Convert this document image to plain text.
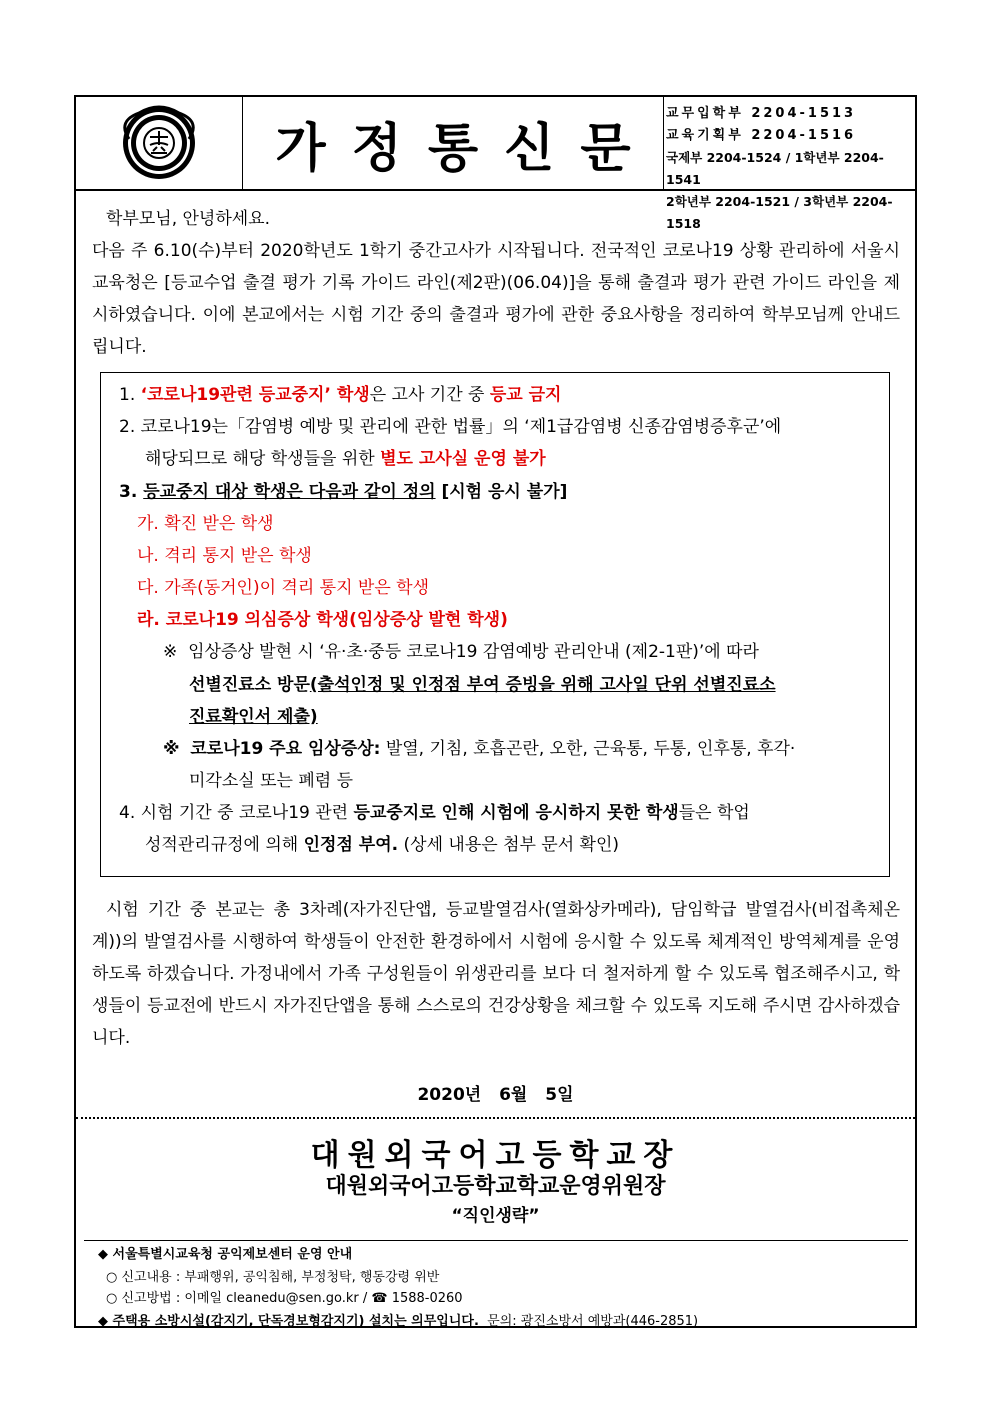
가정통신문
교무입학부 2204-1513
교육기획부 2204-1516
국제부 2204-1524 / 1학년부 2204-1541
2학년부 2204-1521 / 3학년부 2204-1518
학부모님, 안녕하세요.
다음 주 6.10(수)부터 2020학년도 1학기 중간고사가 시작됩니다. 전국적인 코로나19 상황 관리하에 서울시교육청은 [등교수업 출결 평가 기록 가이드 라인(제2판)(06.04)]을 통해 출결과 평가 관련 가이드 라인을 제시하였습니다. 이에 본교에서는 시험 기간 중의 출결과 평가에 관한 중요사항을 정리하여 학부모님께 안내드립니다.
1. ‘코로나19관련 등교중지’ 학생은 고사 기간 중 등교 금지
2. 코로나19는「감염병 예방 및 관리에 관한 법률」의 ‘제1급감염병 신종감염병증후군’에
해당되므로 해당 학생들을 위한 별도 고사실 운영 불가
3. 등교중지 대상 학생은 다음과 같이 정의 [시험 응시 불가]
가. 확진 받은 학생
나. 격리 통지 받은 학생
다. 가족(동거인)이 격리 통지 받은 학생
라. 코로나19 의심증상 학생(임상증상 발현 학생)
※ 임상증상 발현 시 ‘유·초·중등 코로나19 감염예방 관리안내 (제2-1판)’에 따라
선별진료소 방문(출석인정 및 인정점 부여 증빙을 위해 고사일 단위 선별진료소
진료확인서 제출)
※ 코로나19 주요 임상증상: 발열, 기침, 호흡곤란, 오한, 근육통, 두통, 인후통, 후각·
미각소실 또는 폐렴 등
4. 시험 기간 중 코로나19 관련 등교중지로 인해 시험에 응시하지 못한 학생들은 학업
성적관리규정에 의해 인정점 부여. (상세 내용은 첨부 문서 확인)
시험 기간 중 본교는 총 3차례(자가진단앱, 등교발열검사(열화상카메라), 담임학급 발열검사(비접촉체온계))의 발열검사를 시행하여 학생들이 안전한 환경하에서 시험에 응시할 수 있도록 체계적인 방역체계를 운영하도록 하겠습니다. 가정내에서 가족 구성원들이 위생관리를 보다 더 철저하게 할 수 있도록 협조해주시고, 학생들이 등교전에 반드시 자가진단앱을 통해 스스로의 건강상황을 체크할 수 있도록 지도해 주시면 감사하겠습니다.
2020년 6월 5일
대원외국어고등학교장
대원외국어고등학교학교운영위원장
“직인생략”
◆ 서울특별시교육청 공익제보센터 운영 안내
○ 신고내용 : 부패행위, 공익침해, 부정청탁, 행동강령 위반
○ 신고방법 : 이메일 cleanedu@sen.go.kr / ☎ 1588-0260
◆ 주택용 소방시설(감지기, 단독경보형감지기) 설치는 의무입니다. 문의: 광진소방서 예방과(446-2851)
